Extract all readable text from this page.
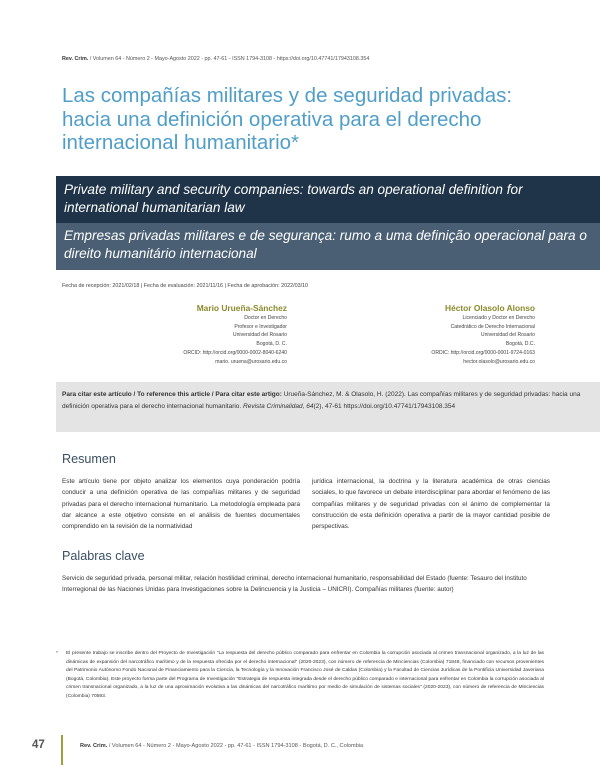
Rev. Crim. / Volumen 64 - Número 2 - Mayo-Agosto 2022 - pp. 47-61 - ISSN 1794-3108 - https://doi.org/10.47741/17943108.354
Las compañías militares y de seguridad privadas: hacia una definición operativa para el derecho internacional humanitario*
Private military and security companies: towards an operational definition for international humanitarian law
Empresas privadas militares e de segurança: rumo a uma definição operacional para o direito humanitário internacional
Fecha de recepción: 2021/02/18 | Fecha de evaluación: 2021/11/16 | Fecha de aprobación: 2022/03/10
Mario Urueña-Sánchez
Doctor en Derecho
Profesor e Investigador
Universidad del Rosario
Bogotá, D. C.
ORCID: http://orcid.org/0000-0002-8040-6240
mario. uruena@urosario.edu.co
Héctor Olasolo Alonso
Licenciado y Doctor en Derecho
Catedrático de Derecho Internacional
Universidad del Rosario
Bogotá, D.C.
ORDIC: http://orcid.org/0000-0001-9724-0163
hector.olasolo@urosario.edu.co
Para citar este artículo / To reference this article / Para citar este artigo: Urueña-Sánchez, M. & Olasolo, H. (2022). Las compañías militares y de seguridad privadas: hacia una definición operativa para el derecho internacional humanitario. Revista Criminalidad, 64(2), 47-61 https://doi.org/10.47741/17943108.354
Resumen

Este artículo tiene por objeto analizar los elementos cuya ponderación podría conducir a una definición operativa de las compañías militares y de seguridad privadas para el derecho internacional humanitario. La metodología empleada para dar alcance a este objetivo consiste en el análisis de fuentes documentales comprendido en la revisión de la normatividad

jurídica internacional, la doctrina y la literatura académica de otras ciencias sociales, lo que favorece un debate interdisciplinar para abordar el fenómeno de las compañías militares y de seguridad privadas con el ánimo de complementar la construcción de esta definición operativa a partir de la mayor cantidad posible de perspectivas.

Palabras clave

Servicio de seguridad privada, personal militar, relación hostilidad criminal, derecho internacional humanitario, responsabilidad del Estado (fuente: Tesauro del Instituto Interregional de las Naciones Unidas para Investigaciones sobre la Delincuencia y la Justicia – UNICRI). Compañías militares (fuente: autor)

*	El presente trabajo se inscribe dentro del Proyecto de Investigación "La respuesta del derecho público comparado para enfrentar en Colombia la corrupción asociada al crimen transnacional organizado, a la luz de las dinámicas de expansión del narcotráfico marítimo y de la respuesta ofrecida por el derecho internacional" (2020-2023), con número de referencia de Minciencias (Colombia) 71848, financiado con recursos provenientes del Patrimonio Autónomo Fondo Nacional de Financiamiento para la Ciencia, la Tecnología y la Innovación Francisco José de Caldas (Colombia) y la Facultad de Ciencias Jurídicas de la Pontificia Universidad Javeriana (Bogotá, Colombia). Este proyecto forma parte del Programa de Investigación "Estrategia de respuesta integrada desde el derecho público comparado e internacional para enfrentar en Colombia la corrupción asociada al crimen transnacional organizado, a la luz de una aproximación evolutiva a las dinámicas del narcotráfico marítimo por medio de simulación de sistemas sociales" (2020-2023), con número de referencia de Minciencias (Colombia) 70593.

47	Rev. Crim. / Volumen 64 - Número 2 - Mayo-Agosto 2022 - pp. 47-61 - ISSN 1794-3108 - Bogotá, D. C., Colombia
